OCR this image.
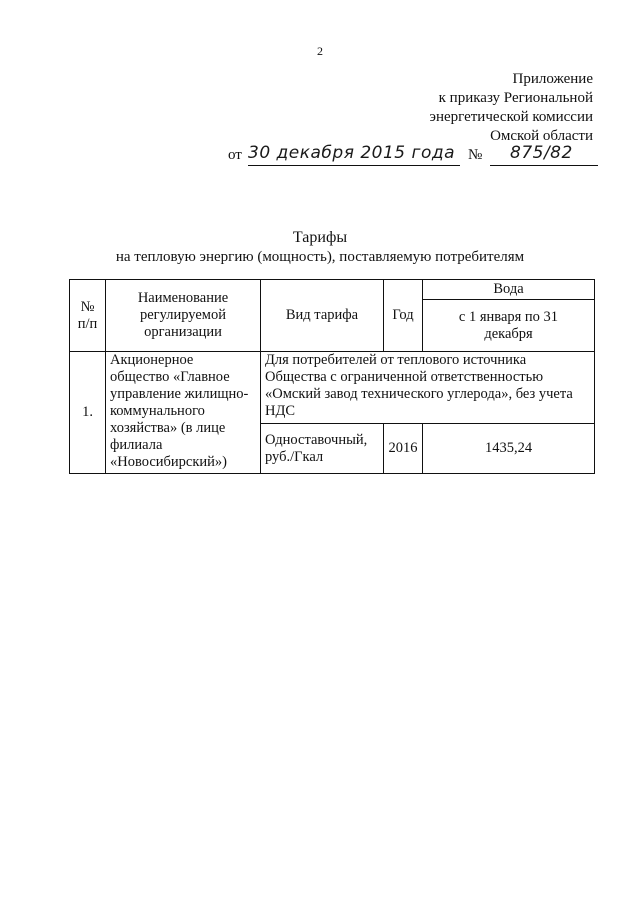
2
Приложение
к приказу Региональной
энергетической комиссии
Омской области
от 30 декабря 2015 года № 875/82
Тарифы
на тепловую энергию (мощность), поставляемую потребителям
№ п/п	Наименование регулируемой организации	Вид тарифа	Год	Вода
				с 1 января по 31 декабря
1.	Акционерное общество «Главное управление жилищно-коммунального хозяйства» (в лице филиала «Новосибирский»)	Для потребителей от теплового источника Общества с ограниченной ответственностью «Омский завод технического углерода», без учета НДС		
		Одноставочный, руб./Гкал	2016	1435,24
